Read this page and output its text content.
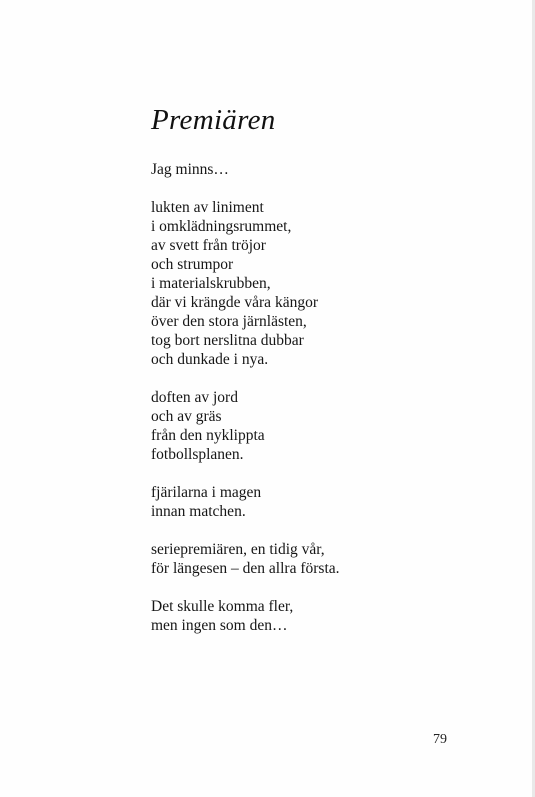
Premiären
Jag minns…
lukten av liniment
i omklädningsrummet,
av svett från tröjor
och strumpor
i materialskrubben,
där vi krängde våra kängor
över den stora järnlästen,
tog bort nerslitna dubbar
och dunkade i nya.
doften av jord
och av gräs
från den nyklippta
fotbollsplanen.
fjärilarna i magen
innan matchen.
seriepremiären, en tidig vår,
för längesen – den allra första.
Det skulle komma fler,
men ingen som den…
79
